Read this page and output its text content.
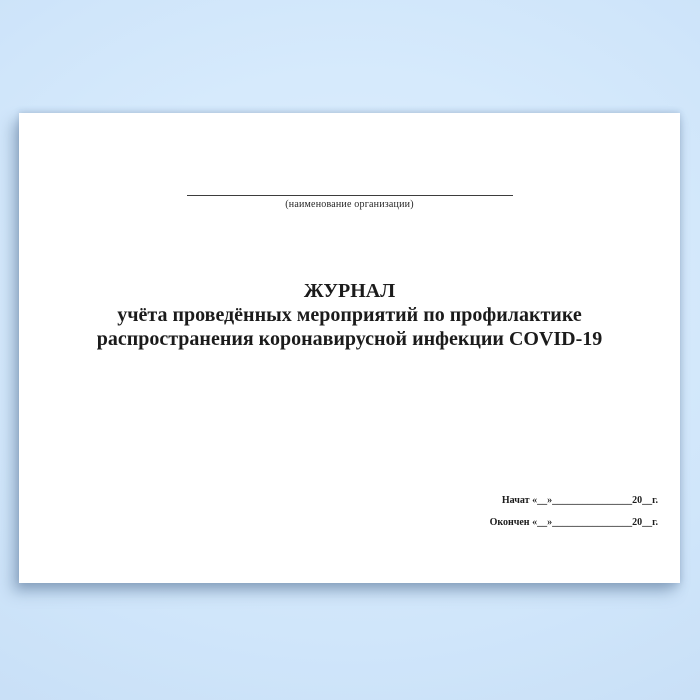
(наименование организации)
ЖУРНАЛ
учёта проведённых мероприятий по профилактике
распространения коронавирусной инфекции COVID-19
Начат «__»________________20__г.
Окончен «__»________________20__г.
